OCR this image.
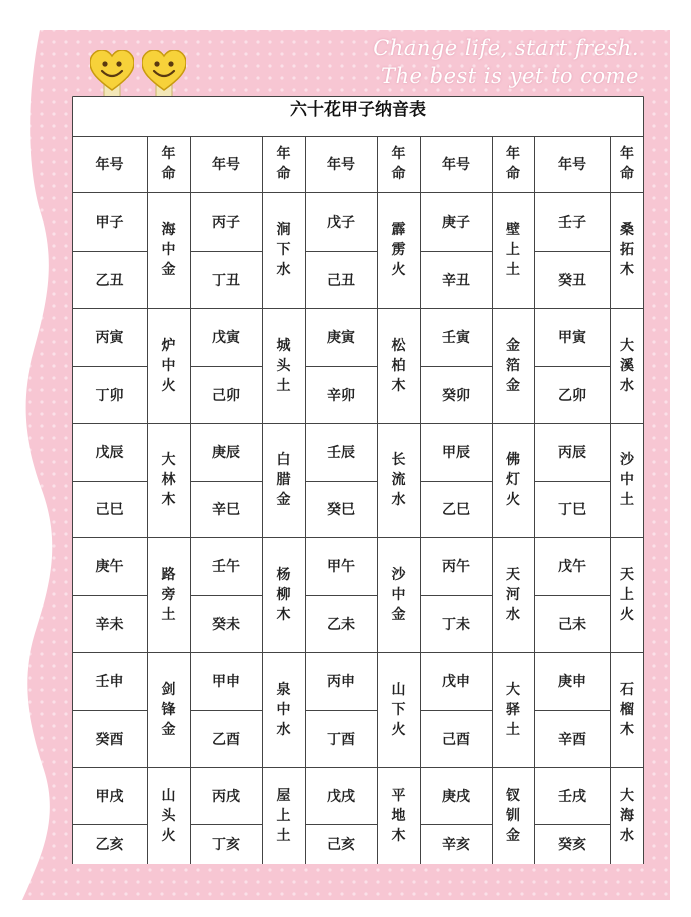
Change life, start fresh.
The best is yet to come
六十花甲子纳音表
年号
年命
年号
年命
年号
年命
年号
年命
年号
年命
甲子
乙丑
海中金
丙子
丁丑
涧下水
戊子
己丑
霹雳火
庚子
辛丑
壁上土
壬子
癸丑
桑拓木
丙寅
丁卯
炉中火
戊寅
己卯
城头土
庚寅
辛卯
松柏木
壬寅
癸卯
金箔金
甲寅
乙卯
大溪水
戊辰
己巳
大林木
庚辰
辛巳
白腊金
壬辰
癸巳
长流水
甲辰
乙巳
佛灯火
丙辰
丁巳
沙中土
庚午
辛未
路旁土
壬午
癸未
杨柳木
甲午
乙未
沙中金
丙午
丁未
天河水
戊午
己未
天上火
壬申
癸酉
剑锋金
甲申
乙酉
泉中水
丙申
丁酉
山下火
戊申
己酉
大驿土
庚申
辛酉
石榴木
甲戌
乙亥
山头火
丙戌
丁亥
屋上土
戊戌
己亥
平地木
庚戌
辛亥
钗钏金
壬戌
癸亥
大海水
